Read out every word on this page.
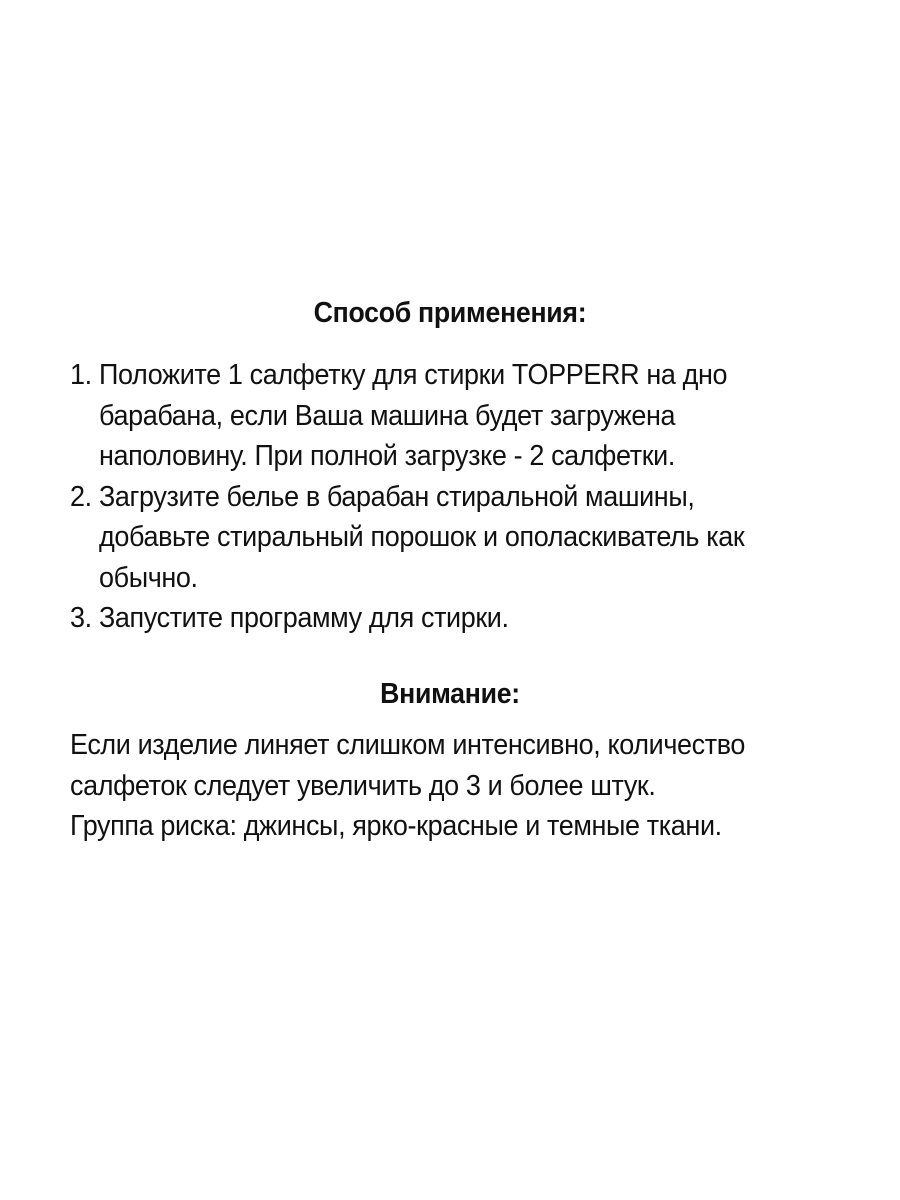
Способ применения:
1. Положите 1 салфетку для стирки TOPPERR на дно
барабана, если Ваша машина будет загружена
наполовину. При полной загрузке - 2 салфетки.
2. Загрузите белье в барабан стиральной машины,
добавьте стиральный порошок и ополаскиватель как
обычно.
3. Запустите программу для стирки.
Внимание:
Если изделие линяет слишком интенсивно, количество
салфеток следует увеличить до 3 и более штук.
Группа риска: джинсы, ярко-красные и темные ткани.
